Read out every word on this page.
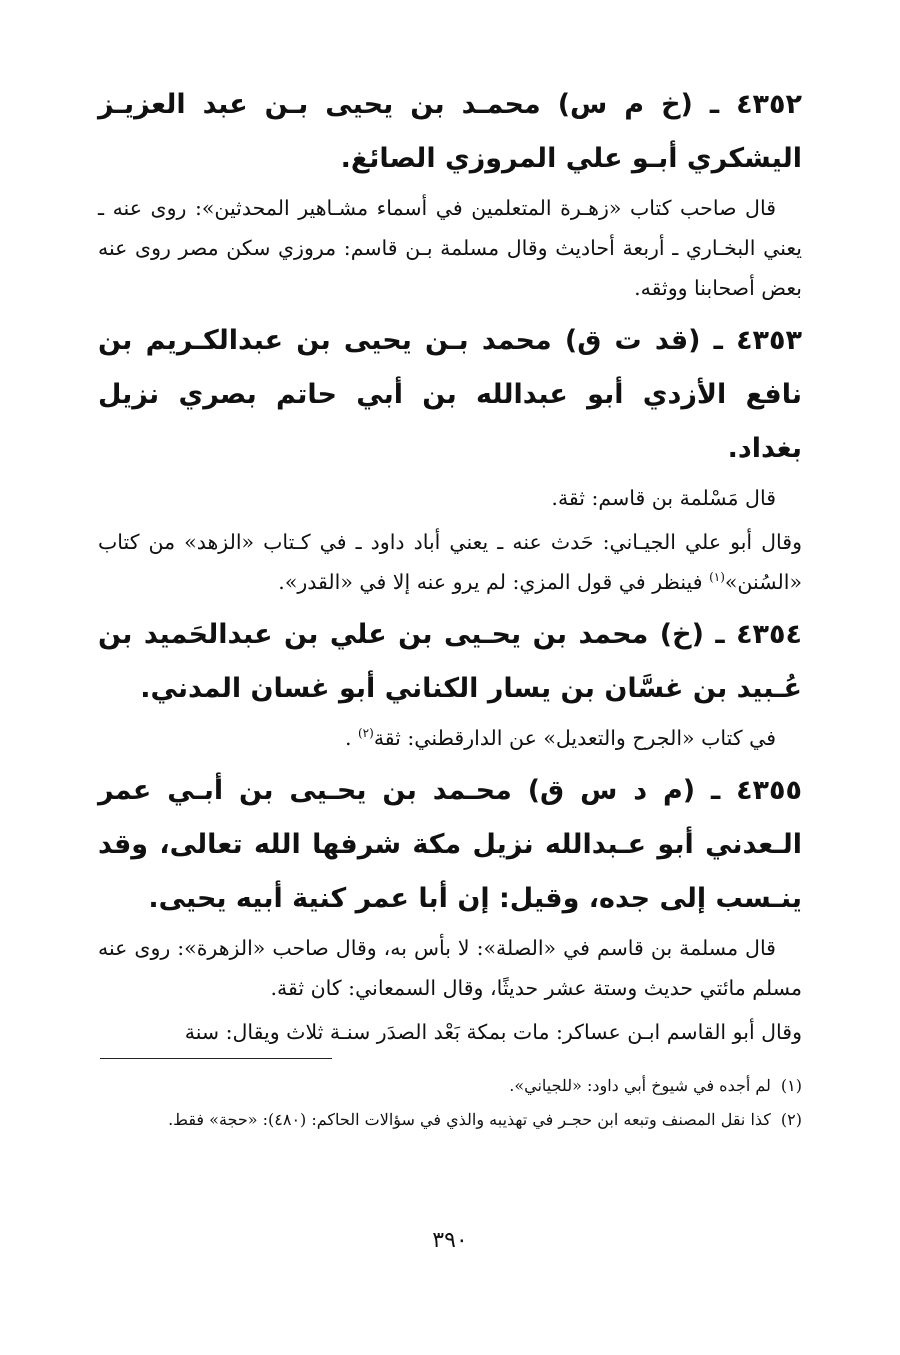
٤٣٥٢ ـ (خ م س) محمـد بن يحيى بـن عبد العزيـز اليشكري أبـو علي المروزي الصائغ.

قال صاحب كتاب «زهـرة المتعلمين في أسماء مشـاهير المحدثين»: روى عنه ـ يعني البخـاري ـ أربعة أحاديث وقال مسلمة بـن قاسم: مروزي سكن مصر روى عنه بعض أصحابنا ووثقه.

٤٣٥٣ ـ (قد ت ق) محمد بـن يحيى بن عبدالكـريم بن نافع الأزدي أبو عبدالله بن أبي حاتم بصري نزيل بغداد.

قال مَسْلمة بن قاسم: ثقة.

وقال أبو علي الجيـاني: حَدث عنه ـ يعني أباد داود ـ في كـتاب «الزهد» من كتاب «السُنن»$^{(١)}$ فينظر في قول المزي: لم يرو عنه إلا في «القدر».

٤٣٥٤ ـ (خ) محمد بن يحـيى بن علي بن عبدالحَميد بن عُـبيد بن غسَّان بن يسار الكناني أبو غسان المدني.

في كتاب «الجرح والتعديل» عن الدارقطني: ثقة$^{(٢)}$ .

٤٣٥٥ ـ (م د س ق) محـمد بن يحـيى بن أبـي عمر الـعدني أبو عـبدالله نزيل مكة شرفها الله تعالى، وقد ينـسب إلى جده، وقيل: إن أبا عمر كنية أبيه يحيى.

قال مسلمة بن قاسم في «الصلة»: لا بأس به، وقال صاحب «الزهرة»: روى عنه مسلم مائتي حديث وستة عشر حديثًا، وقال السمعاني: كان ثقة.

وقال أبو القاسم ابـن عساكر: مات بمكة بَعْد الصدَر سنـة ثلاث ويقال: سنة

(١)لم أجده في شيوخ أبي داود: «للجياني».

(٢)كذا نقل المصنف وتبعه ابن حجـر في تهذيبه والذي في سؤالات الحاكم: (٤٨٠): «حجة» فقط.

٣٩٠
